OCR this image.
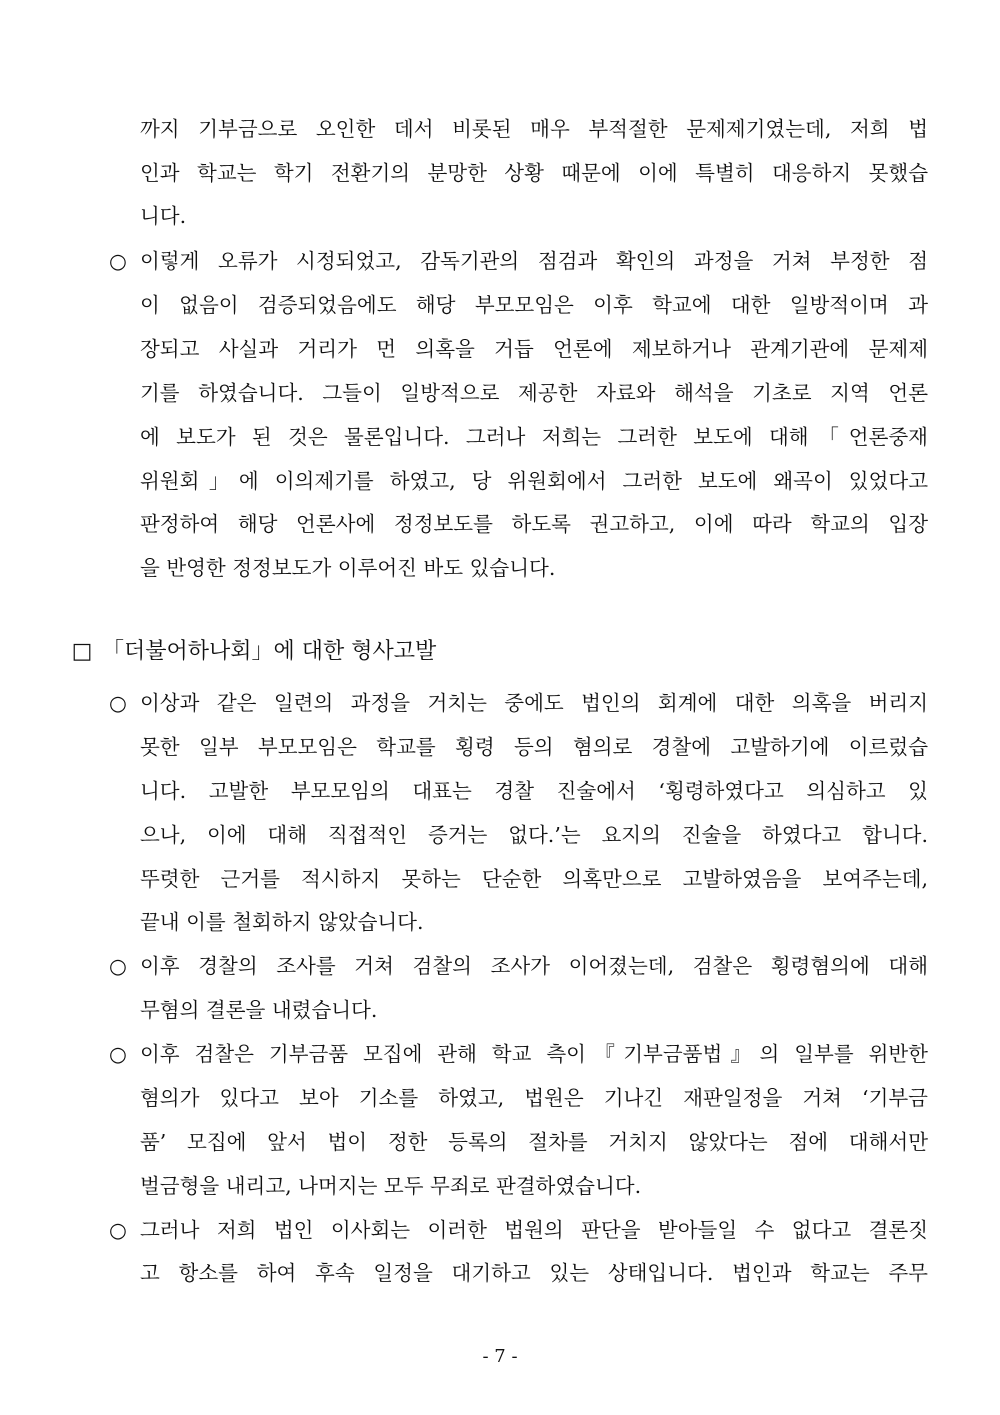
까지 기부금으로 오인한 데서 비롯된 매우 부적절한 문제제기였는데, 저희 법
인과 학교는 학기 전환기의 분망한 상황 때문에 이에 특별히 대응하지 못했습
니다.
○ 이렇게 오류가 시정되었고, 감독기관의 점검과 확인의 과정을 거쳐 부정한 점
이 없음이 검증되었음에도 해당 부모모임은 이후 학교에 대한 일방적이며 과
장되고 사실과 거리가 먼 의혹을 거듭 언론에 제보하거나 관계기관에 문제제
기를 하였습니다. 그들이 일방적으로 제공한 자료와 해석을 기초로 지역 언론
에 보도가 된 것은 물론입니다. 그러나 저희는 그러한 보도에 대해「언론중재
위원회」에 이의제기를 하였고, 당 위원회에서 그러한 보도에 왜곡이 있었다고
판정하여 해당 언론사에 정정보도를 하도록 권고하고, 이에 따라 학교의 입장
을 반영한 정정보도가 이루어진 바도 있습니다.
□ 「더불어하나회」에 대한 형사고발
○ 이상과 같은 일련의 과정을 거치는 중에도 법인의 회계에 대한 의혹을 버리지
못한 일부 부모모임은 학교를 횡령 등의 혐의로 경찰에 고발하기에 이르렀습
니다. 고발한 부모모임의 대표는 경찰 진술에서 ‘횡령하였다고 의심하고 있
으나, 이에 대해 직접적인 증거는 없다.’는 요지의 진술을 하였다고 합니다.
뚜렷한 근거를 적시하지 못하는 단순한 의혹만으로 고발하였음을 보여주는데,
끝내 이를 철회하지 않았습니다.
○ 이후 경찰의 조사를 거쳐 검찰의 조사가 이어졌는데, 검찰은 횡령혐의에 대해
무혐의 결론을 내렸습니다.
○ 이후 검찰은 기부금품 모집에 관해 학교 측이『기부금품법』의 일부를 위반한
혐의가 있다고 보아 기소를 하였고, 법원은 기나긴 재판일정을 거쳐 ‘기부금
품’ 모집에 앞서 법이 정한 등록의 절차를 거치지 않았다는 점에 대해서만
벌금형을 내리고, 나머지는 모두 무죄로 판결하였습니다.
○ 그러나 저희 법인 이사회는 이러한 법원의 판단을 받아들일 수 없다고 결론짓
고 항소를 하여 후속 일정을 대기하고 있는 상태입니다. 법인과 학교는 주무
- 7 -
